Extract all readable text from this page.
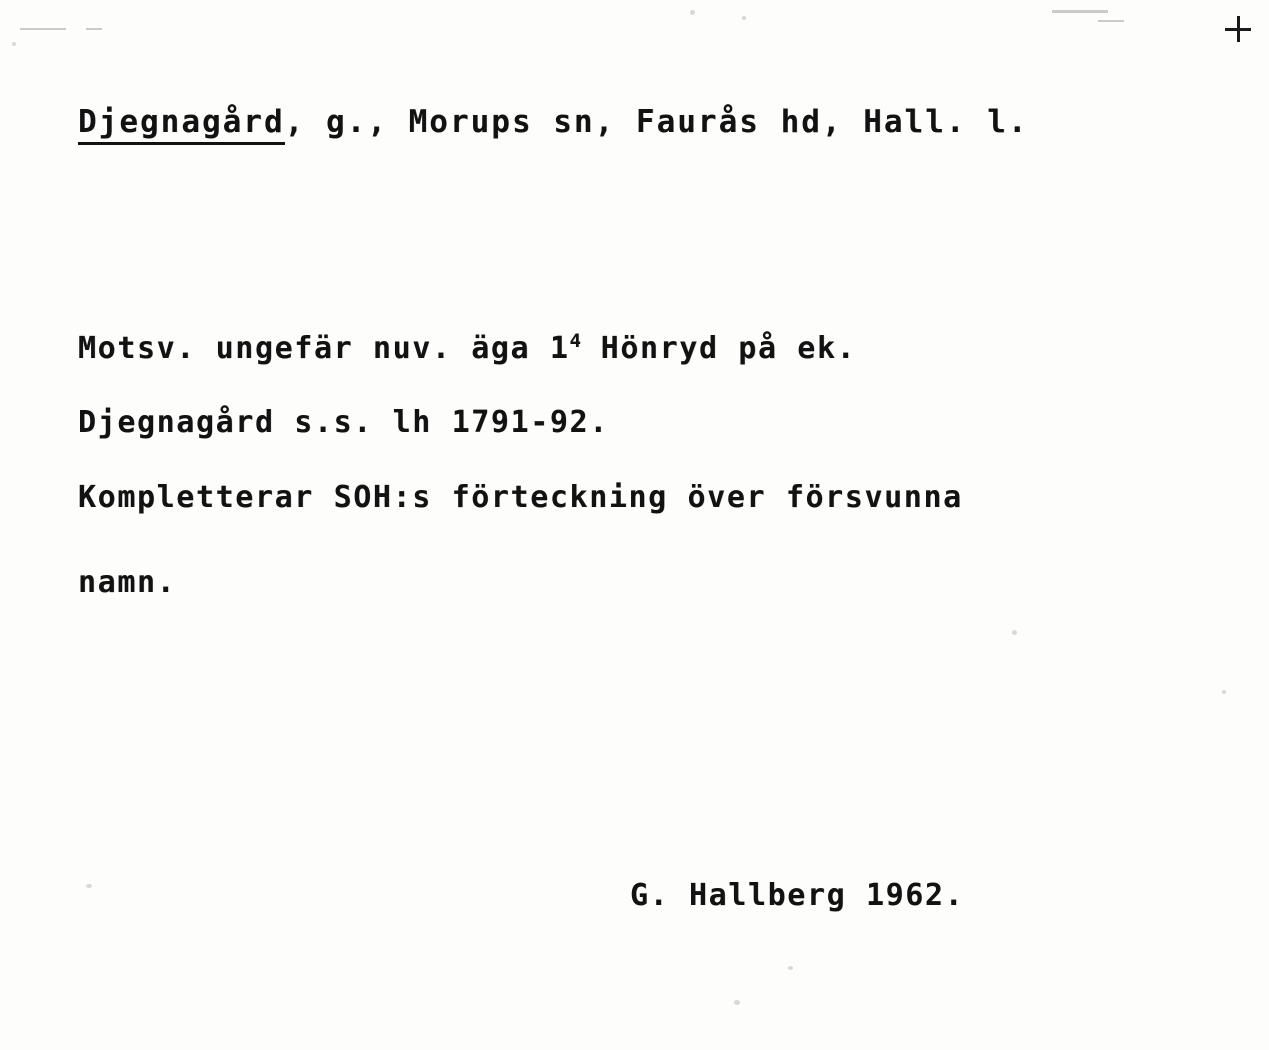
Djegnagård, g., Morups sn, Faurås hd, Hall. l.
Motsv. ungefär nuv. äga $1^4$ Hönryd på ek.
Djegnagård s.s. lh 1791-92.
Kompletterar SOH:s förteckning över försvunna
namn.
G. Hallberg 1962.
